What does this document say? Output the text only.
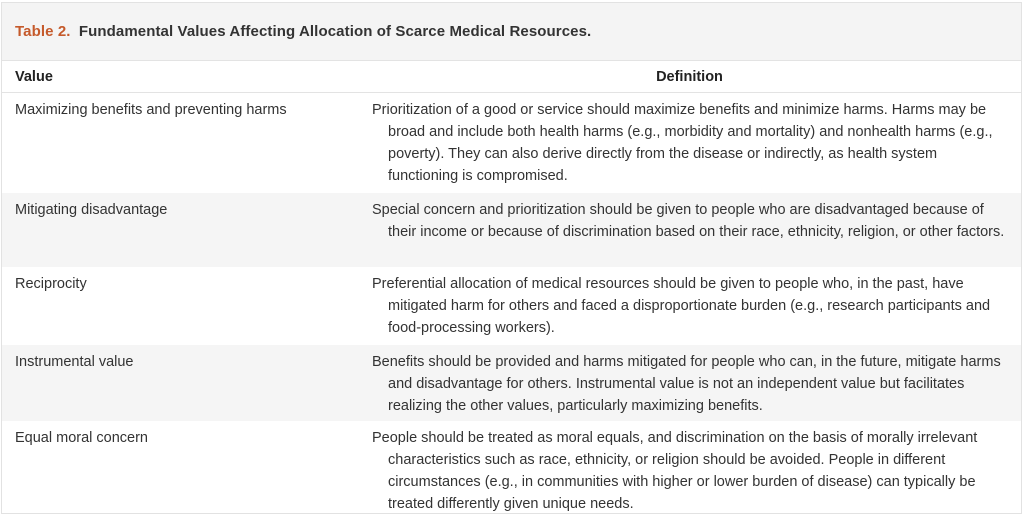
Table 2. Fundamental Values Affecting Allocation of Scarce Medical Resources.
Value	Definition
Maximizing benefits and preventing harms	Prioritization of a good or service should maximize benefits and minimize harms. Harms may be broad and include both health harms (e.g., morbidity and mortality) and nonhealth harms (e.g., poverty). They can also derive directly from the disease or indirectly, as health system functioning is compromised.
Mitigating disadvantage	Special concern and prioritization should be given to people who are disadvantaged because of their income or because of discrimination based on their race, ethnicity, religion, or other factors.
Reciprocity	Preferential allocation of medical resources should be given to people who, in the past, have mitigated harm for others and faced a disproportionate burden (e.g., research participants and food-processing workers).
Instrumental value	Benefits should be provided and harms mitigated for people who can, in the future, mitigate harms and disadvantage for others. Instrumental value is not an independent value but facilitates realizing the other values, particularly maximizing benefits.
Equal moral concern	People should be treated as moral equals, and discrimination on the basis of morally irrelevant characteristics such as race, ethnicity, or religion should be avoided. People in different circumstances (e.g., in communities with higher or lower burden of disease) can typically be treated differently given unique needs.
